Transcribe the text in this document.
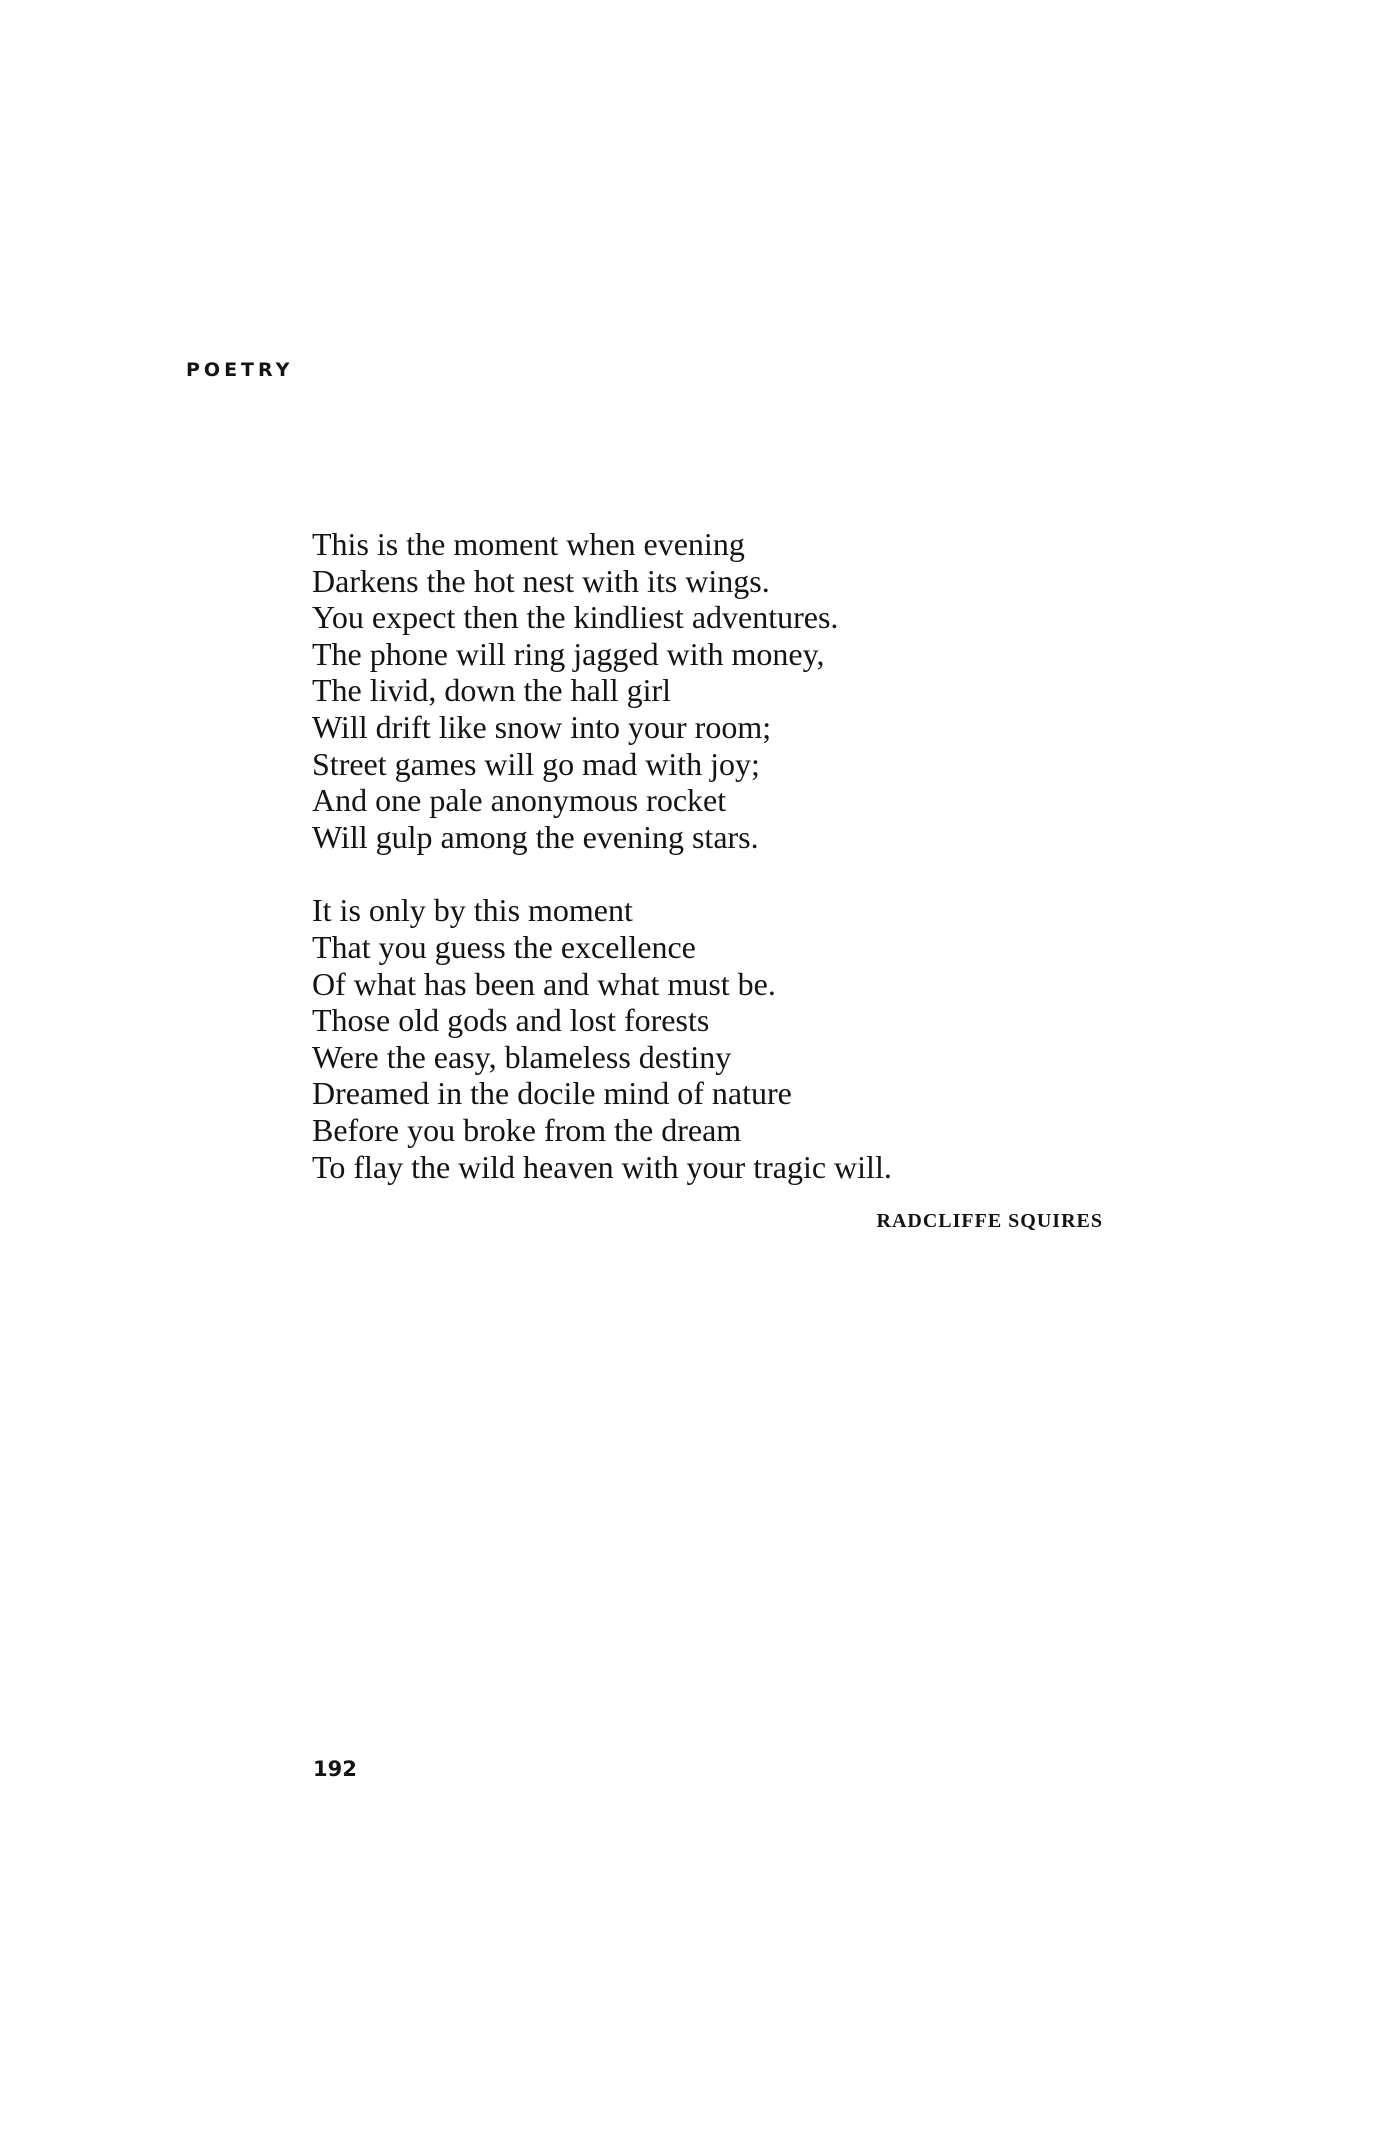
POETRY
This is the moment when evening
Darkens the hot nest with its wings.
You expect then the kindliest adventures.
The phone will ring jagged with money,
The livid, down the hall girl
Will drift like snow into your room;
Street games will go mad with joy;
And one pale anonymous rocket
Will gulp among the evening stars.
It is only by this moment
That you guess the excellence
Of what has been and what must be.
Those old gods and lost forests
Were the easy, blameless destiny
Dreamed in the docile mind of nature
Before you broke from the dream
To flay the wild heaven with your tragic will.
RADCLIFFE SQUIRES
192
